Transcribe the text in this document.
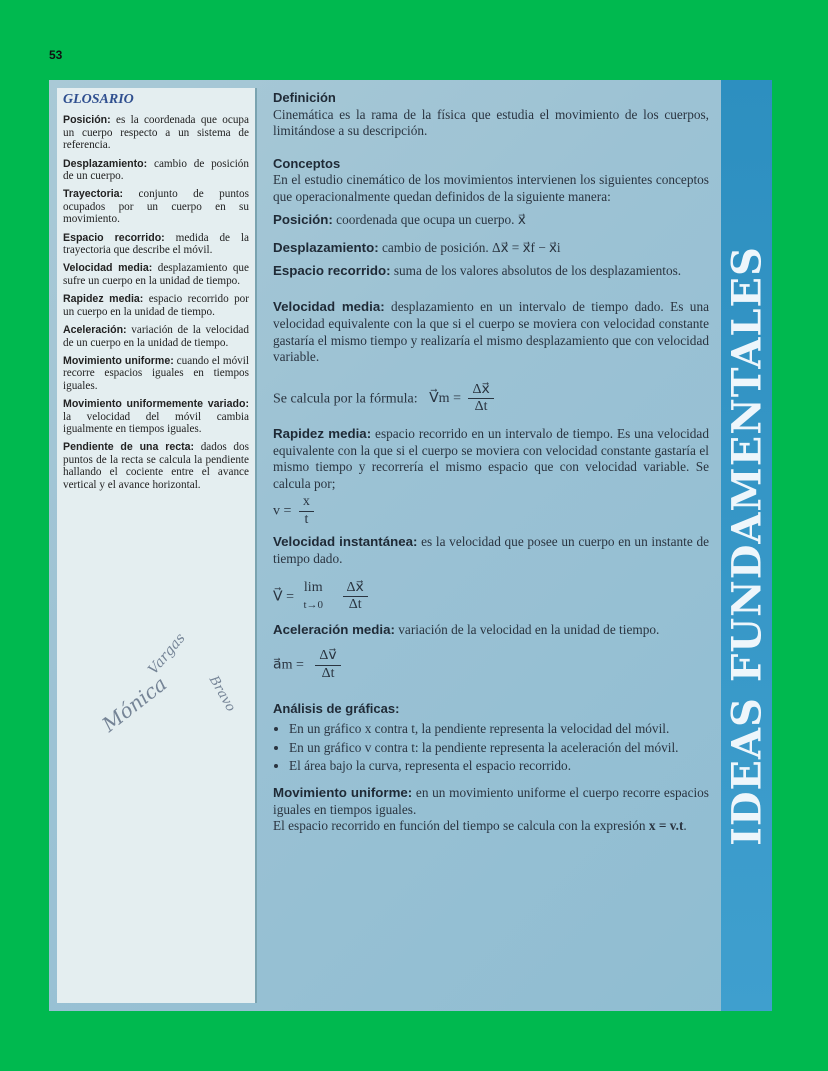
53
GLOSARIO

Posición: es la coordenada que ocupa un cuerpo respecto a un sistema de referencia.

Desplazamiento: cambio de posición de un cuerpo.

Trayectoria: conjunto de puntos ocupados por un cuerpo en su movimiento.

Espacio recorrido: medida de la trayectoria que describe el móvil.

Velocidad media: desplazamiento que sufre un cuerpo en la unidad de tiempo.

Rapidez media: espacio recorrido por un cuerpo en la unidad de tiempo.

Aceleración: variación de la velocidad de un cuerpo en la unidad de tiempo.

Movimiento uniforme: cuando el móvil recorre espacios iguales en tiempos iguales.

Movimiento uniformemente variado: la velocidad del móvil cambia igualmente en tiempos iguales.

Pendiente de una recta: dados dos puntos de la recta se calcula la pendiente hallando el cociente entre el avance vertical y el avance horizontal.

Mónica
Vargas
Bravo
Definición

Cinemática es la rama de la física que estudia el movimiento de los cuerpos, limitándose a su descripción.

Conceptos

En el estudio cinemático de los movimientos intervienen los siguientes conceptos que operacionalmente quedan definidos de la siguiente manera:

Posición: coordenada que ocupa un cuerpo. x⃗

Desplazamiento: cambio de posición. Δx⃗ = x⃗f − x⃗i

Espacio recorrido: suma de los valores absolutos de los desplazamientos.

Velocidad media: desplazamiento en un intervalo de tiempo dado. Es una velocidad equivalente con la que si el cuerpo se moviera con velocidad constante gastaría el mismo tiempo y realizaría el mismo desplazamiento que con velocidad variable.

Se calcula por la fórmula: V⃗m = $\frac{\Delta x⃗}{\Delta t}$

Rapidez media: espacio recorrido en un intervalo de tiempo. Es una velocidad equivalente con la que si el cuerpo se moviera con velocidad constante gastaría el mismo tiempo y recorrería el mismo espacio que con velocidad variable. Se calcula por;

$v = \frac{x}{t}$

Velocidad instantánea: es la velocidad que posee un cuerpo en un instante de tiempo dado.

V⃗ =
lim
t→0
$\frac{\Delta x⃗}{\Delta t}$

Aceleración media: variación de la velocidad en la unidad de tiempo.

a⃗m = $\frac{\Delta v⃗}{\Delta t}$
Análisis de gráficas:
• En un gráfico x contra t, la pendiente representa la velocidad del móvil.
• En un gráfico v contra t: la pendiente representa la aceleración del móvil.
• El área bajo la curva, representa el espacio recorrido.

Movimiento uniforme: en un movimiento uniforme el cuerpo recorre espacios iguales en tiempos iguales.

El espacio recorrido en función del tiempo se calcula con la expresión x = v.t. IDEAS FUNDAMENTALES
